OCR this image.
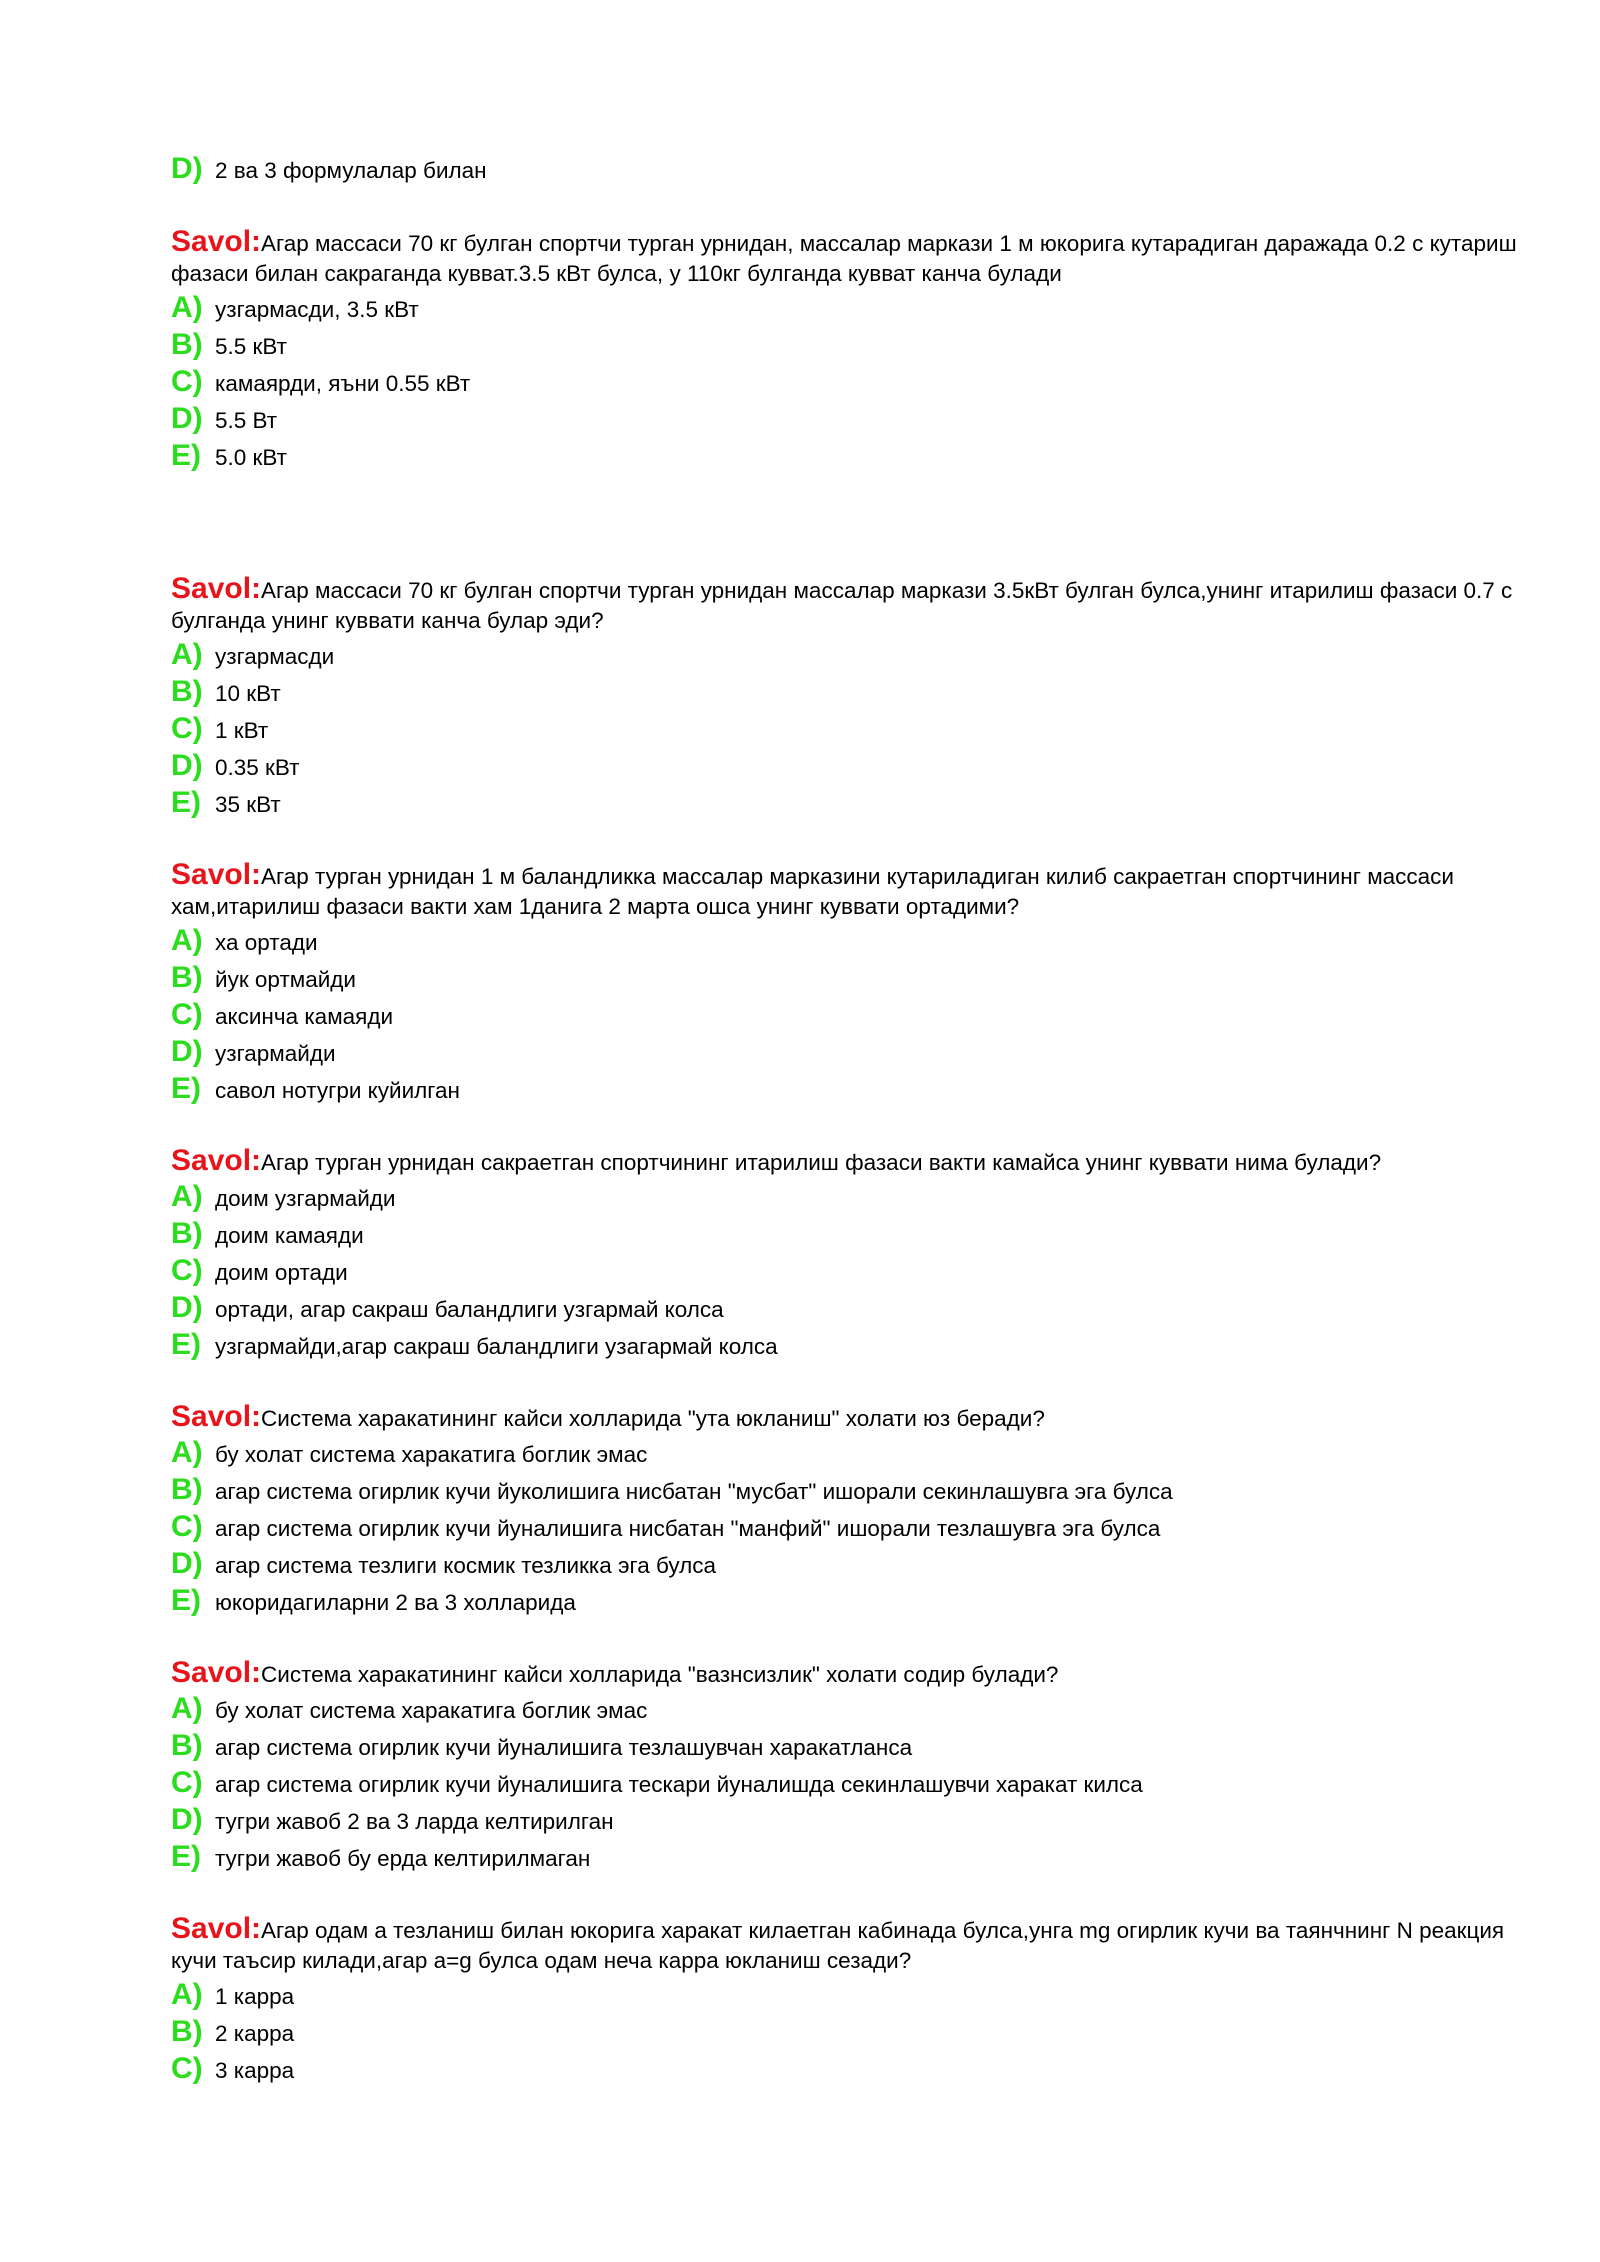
D) 2 ва 3 формулалар билан

Savol:Агар массаси 70 кг булган спортчи турган урнидан, массалар маркази 1 м юкорига кутарадиган даражада 0.2 с кутариш фазаси билан сакраганда кувват.3.5 кВт булса, у 110кг булганда кувват канча булади

A) узгармасди, 3.5 кВт
B) 5.5 кВт
C) камаярди, яъни 0.55 кВт
D) 5.5 Вт
E) 5.0 кВт

Savol:Агар массаси 70 кг булган спортчи турган урнидан массалар маркази 3.5кВт булган булса,унинг итарилиш фазаси 0.7 с булганда унинг куввати канча булар эди?

A) узгармасди
B) 10 кВт
C) 1 кВт
D) 0.35 кВт
E) 35 кВт

Savol:Агар турган урнидан 1 м баландликка массалар марказини кутариладиган килиб сакраетган спортчининг массаси хам,итарилиш фазаси вакти хам 1данига 2 марта ошса унинг куввати ортадими?

A) ха ортади
B) йук ортмайди
C) аксинча камаяди
D) узгармайди
E) савол нотугри куйилган

Savol:Агар турган урнидан сакраетган спортчининг итарилиш фазаси вакти камайса унинг куввати нима булади?

A) доим узгармайди
B) доим камаяди
C) доим ортади
D) ортади, агар сакраш баландлиги узгармай колса
E) узгармайди,агар сакраш баландлиги узагармай колса

Savol:Система харакатининг кайси холларида "ута юкланиш" холати юз беради?

A) бу холат система харакатига боглик эмас
B) агар система огирлик кучи йуколишига нисбатан "мусбат" ишорали секинлашувга эга булса
C) агар система огирлик кучи йуналишига нисбатан "манфий" ишорали тезлашувга эга булса
D) агар система тезлиги космик тезликка эга булса
E) юкоридагиларни 2 ва 3 холларида

Savol:Система харакатининг кайси холларида "вазнсизлик" холати содир булади?

A) бу холат система харакатига боглик эмас
B) агар система огирлик кучи йуналишига тезлашувчан харакатланса
C) агар система огирлик кучи йуналишига тескари йуналишда секинлашувчи харакат килса
D) тугри жавоб 2 ва 3 ларда келтирилган
E) тугри жавоб бу ерда келтирилмаган

Savol:Агар одам а тезланиш билан юкорига харакат килаетган кабинада булса,унга mg огирлик кучи ва таянчнинг N реакция кучи таъсир килади,агар а=g булса одам неча карра юкланиш сезади?

A) 1 карра
B) 2 карра
C) 3 карра
